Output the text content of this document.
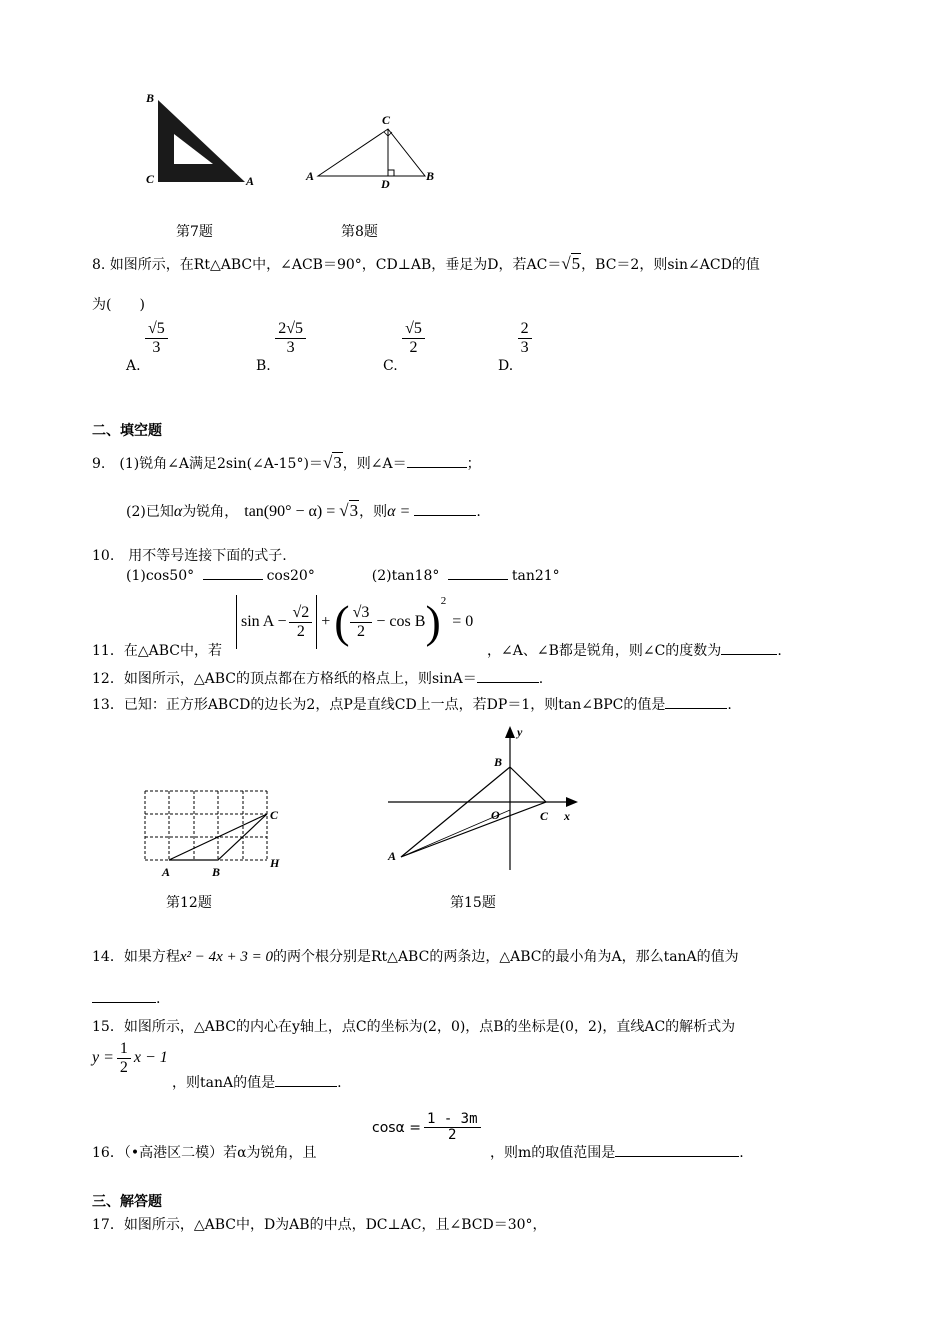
B
C	A
C
A
D
B
第7题	第8题
8. 如图所示，在Rt△ABC中，∠ACB＝90°，CD⊥AB，垂足为D，若AC＝√5，BC＝2，则sin∠ACD的值
为(　　)
A.
$\frac{√5}{3}$
B.
$\frac{2√5}{3}$
C.
$\frac{√5}{2}$
D.
$\frac{2}{3}$
二、填空题
9.　(1)锐角∠A满足2sin(∠A-15°)＝√3，则∠A＝	；
(2)已知α为锐角， tan(90° − α) = √3，则α =	.
10.　用不等号连接下面的式子.
(1)cos50°	cos20°	(2)tan18°	tan21°
$\sin A - \frac{√2}{2}$ + ( $\frac{√3}{2} - \cos B$ ) 2
= 0
11．在△ABC中，若	，∠A、∠B都是锐角，则∠C的度数为	.
12．如图所示，△ABC的顶点都在方格纸的格点上，则sinA＝	.
13．已知：正方形ABCD的边长为2，点P是直线CD上一点，若DP＝1，则tan∠BPC的值是	.
C
A	B
H
y
B
O	C x
A
第12题	第15题
14．如果方程x² − 4x + 3 = 0的两个根分别是Rt△ABC的两条边，△ABC的最小角为A，那么tanA的值为
.
15．如图所示，△ABC的内心在y轴上，点C的坐标为(2，0)，点B的坐标是(0，2)，直线AC的解析式为
$y = \frac{1}{2}$ x − 1
，则tanA的值是	.
$\cos\alpha = \frac{1 - 3m}{2}$
16．（•高港区二模）若α为锐角，且	，则m的取值范围是	.
三、解答题
17．如图所示，△ABC中，D为AB的中点，DC⊥AC，且∠BCD＝30°，
